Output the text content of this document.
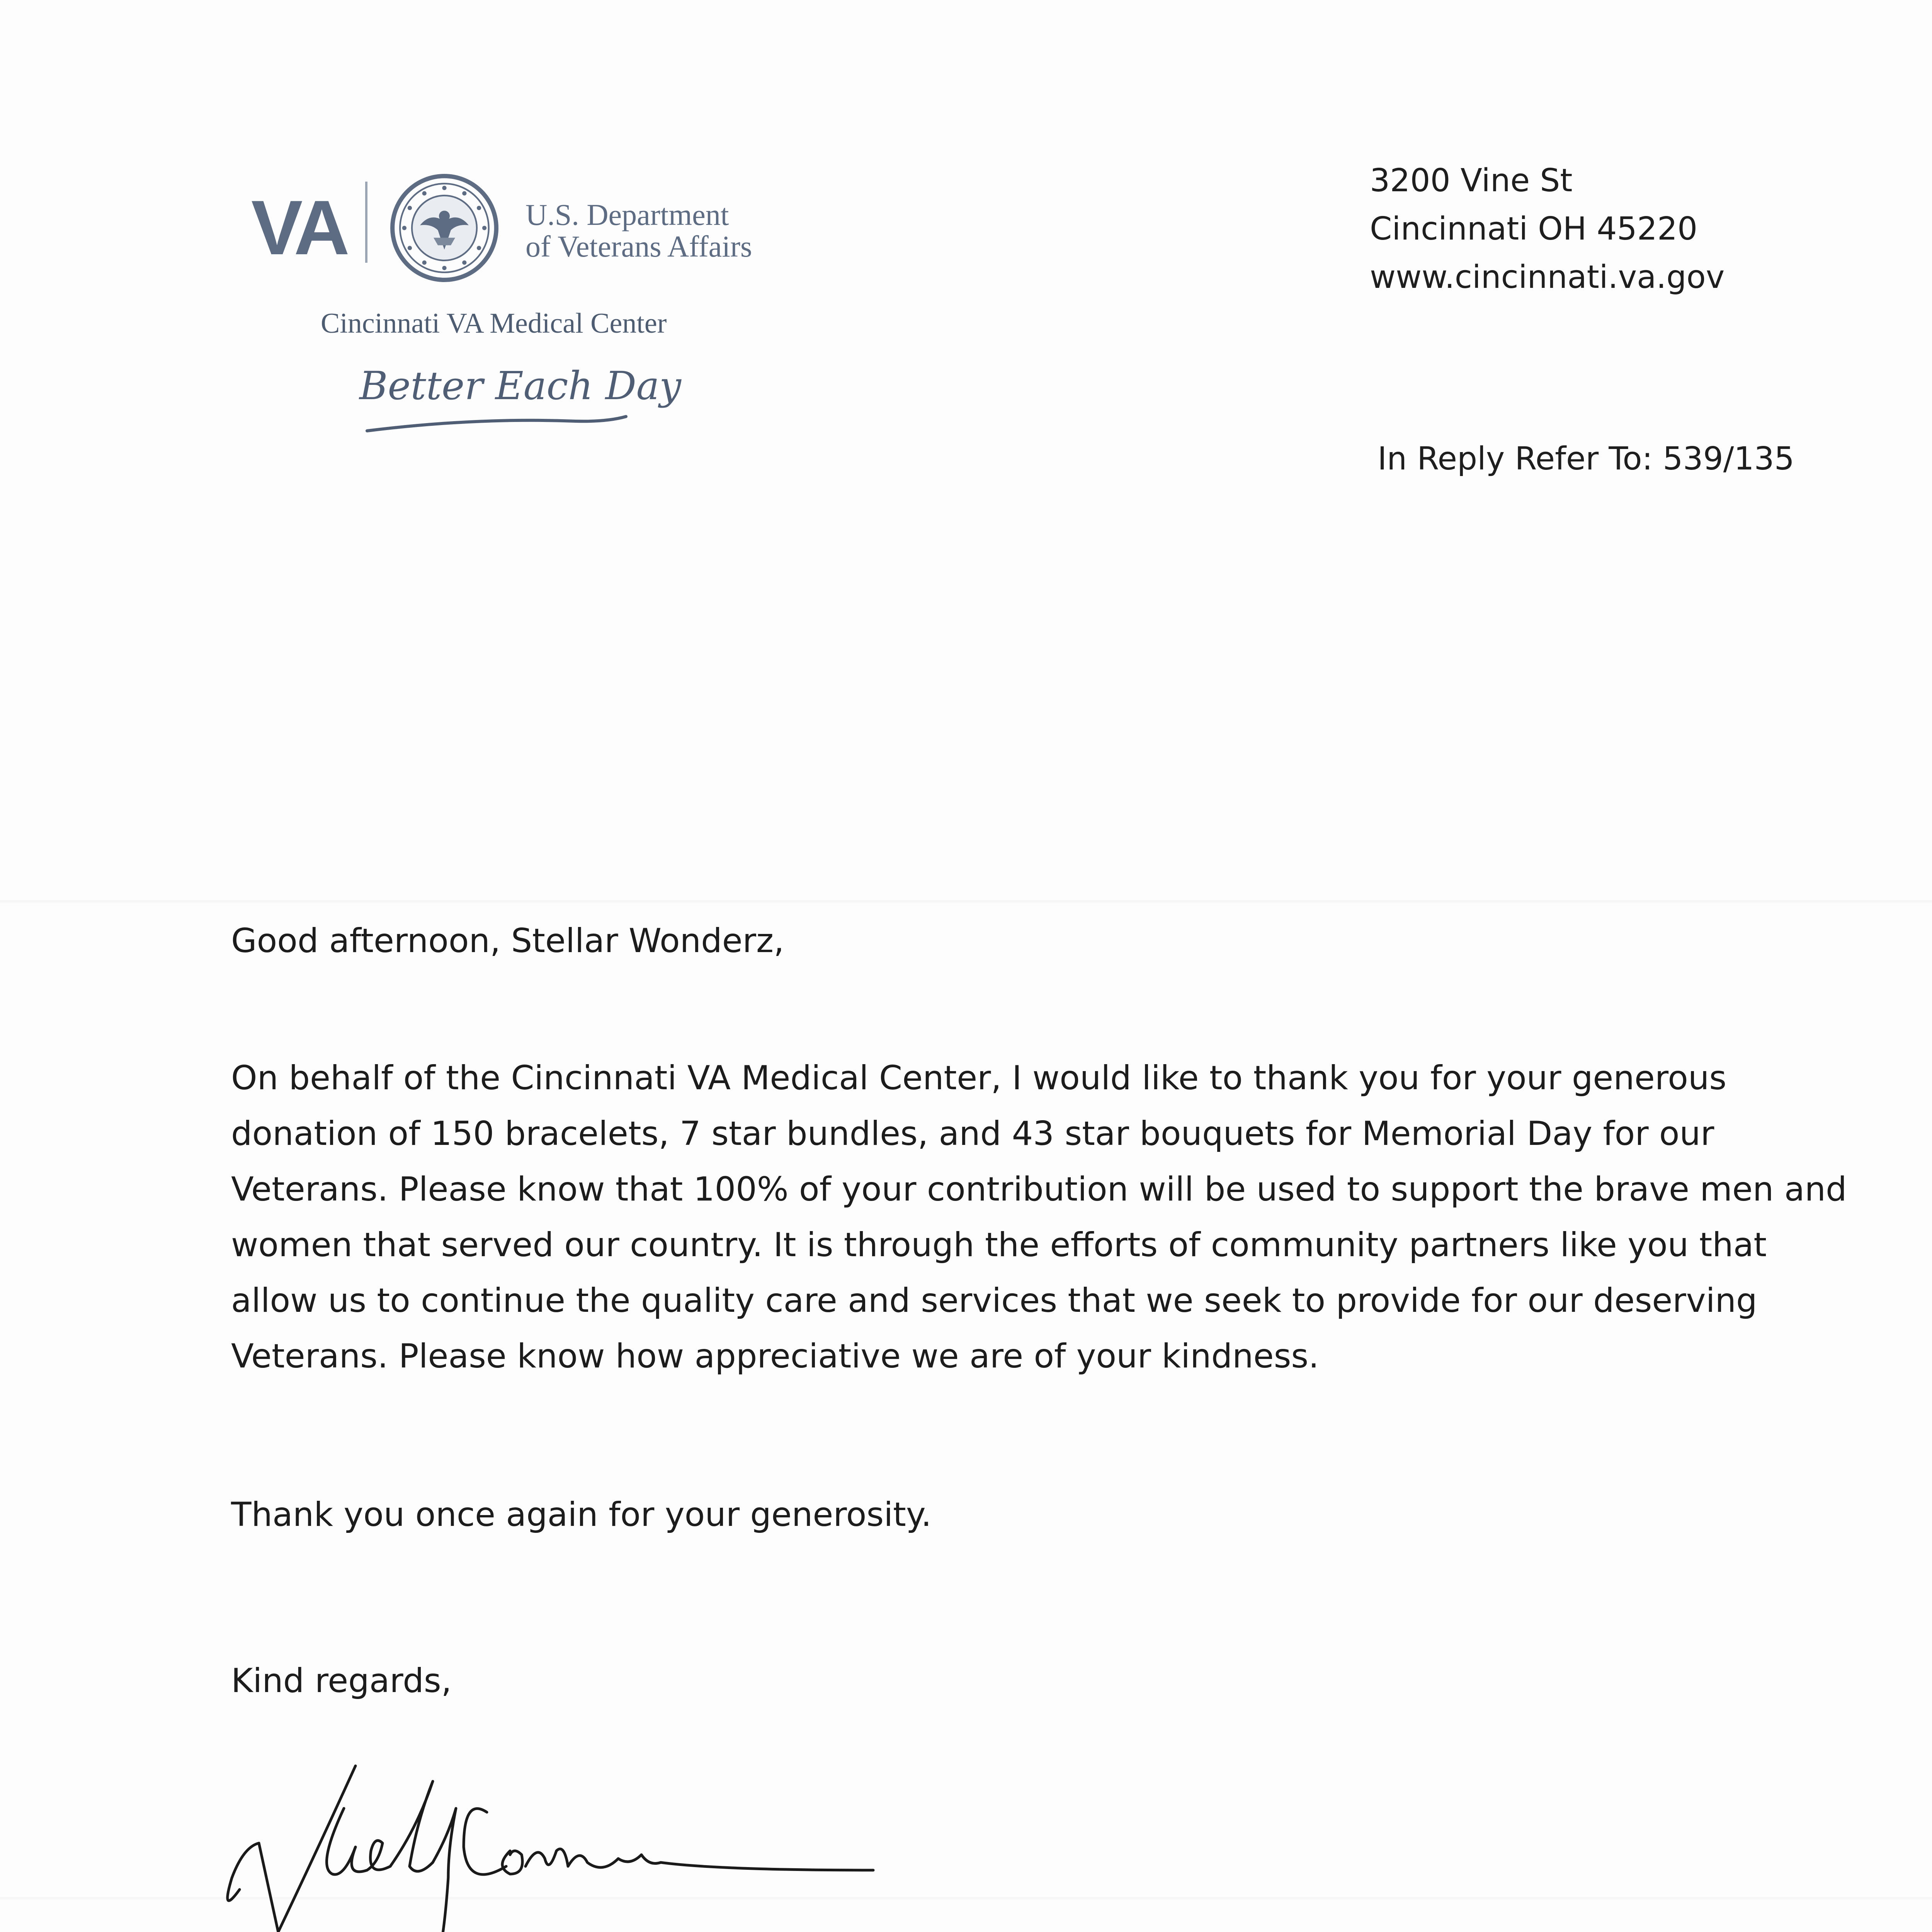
VA	U.S. Department
of Veterans Affairs
Cincinnati VA Medical Center
Better Each Day
3200 Vine St
Cincinnati OH 45220
www.cincinnati.va.gov
In Reply Refer To: 539/135
Good afternoon, Stellar Wonderz,
On behalf of the Cincinnati VA Medical Center, I would like to thank you for your generous
donation of 150 bracelets, 7 star bundles, and 43 star bouquets for Memorial Day for our
Veterans. Please know that 100% of your contribution will be used to support the brave men and
women that served our country. It is through the efforts of community partners like you that
allow us to continue the quality care and services that we seek to provide for our deserving
Veterans. Please know how appreciative we are of your kindness.
Thank you once again for your generosity.
Kind regards,
